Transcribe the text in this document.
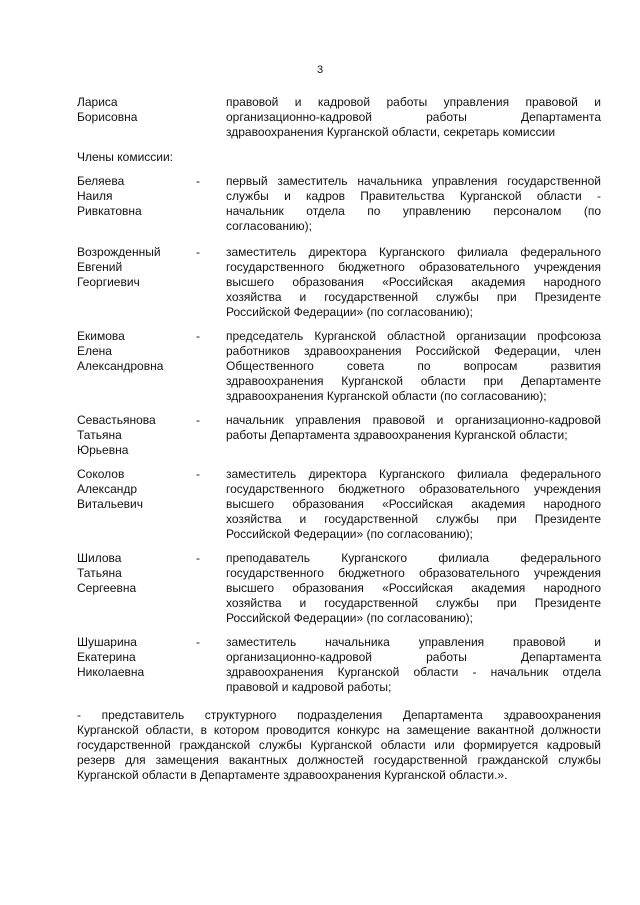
3
Лариса
Борисовна
правовой и кадровой работы управления правовой и
организационно-кадровой работы Департамента
здравоохранения Курганской области, секретарь комиссии
Члены комиссии:
Беляева
Наиля
Ривкатовна
- первый заместитель начальника управления государственной
службы и кадров Правительства Курганской области -
начальник отдела по управлению персоналом (по
согласованию);
Возрожденный
Евгений
Георгиевич
- заместитель директора Курганского филиала федерального
государственного бюджетного образовательного учреждения
высшего образования «Российская академия народного
хозяйства и государственной службы при Президенте
Российской Федерации» (по согласованию);
Екимова
Елена
Александровна
- председатель Курганской областной организации профсоюза
работников здравоохранения Российской Федерации, член
Общественного совета по вопросам развития
здравоохранения Курганской области при Департаменте
здравоохранения Курганской области (по согласованию);
Севастьянова
Татьяна
Юрьевна
- начальник управления правовой и организационно-кадровой
работы Департамента здравоохранения Курганской области;
Соколов
Александр
Витальевич
- заместитель директора Курганского филиала федерального
государственного бюджетного образовательного учреждения
высшего образования «Российская академия народного
хозяйства и государственной службы при Президенте
Российской Федерации» (по согласованию);
Шилова
Татьяна
Сергеевна
- преподаватель Курганского филиала федерального
государственного бюджетного образовательного учреждения
высшего образования «Российская академия народного
хозяйства и государственной службы при Президенте
Российской Федерации» (по согласованию);
Шушарина
Екатерина
Николаевна
- заместитель начальника управления правовой и
организационно-кадровой работы Департамента
здравоохранения Курганской области - начальник отдела
правовой и кадровой работы;
- представитель структурного подразделения Департамента здравоохранения
Курганской области, в котором проводится конкурс на замещение вакантной должности
государственной гражданской службы Курганской области или формируется кадровый
резерв для замещения вакантных должностей государственной гражданской службы
Курганской области в Департаменте здравоохранения Курганской области.».
